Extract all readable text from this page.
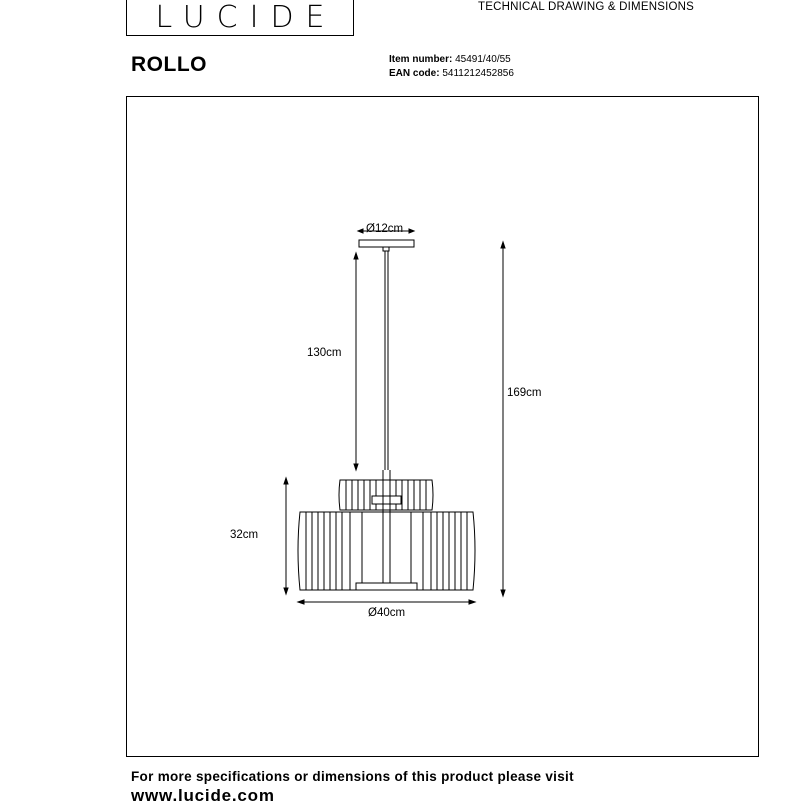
LUCIDE	TECHNICAL DRAWING & DIMENSIONS
ROLLO	Item number: 45491/40/55
EAN code: 5411212452856
Ø12cm
130cm
169cm
32cm
Ø40cm
For more specifications or dimensions of this product please visit
www.lucide.com
